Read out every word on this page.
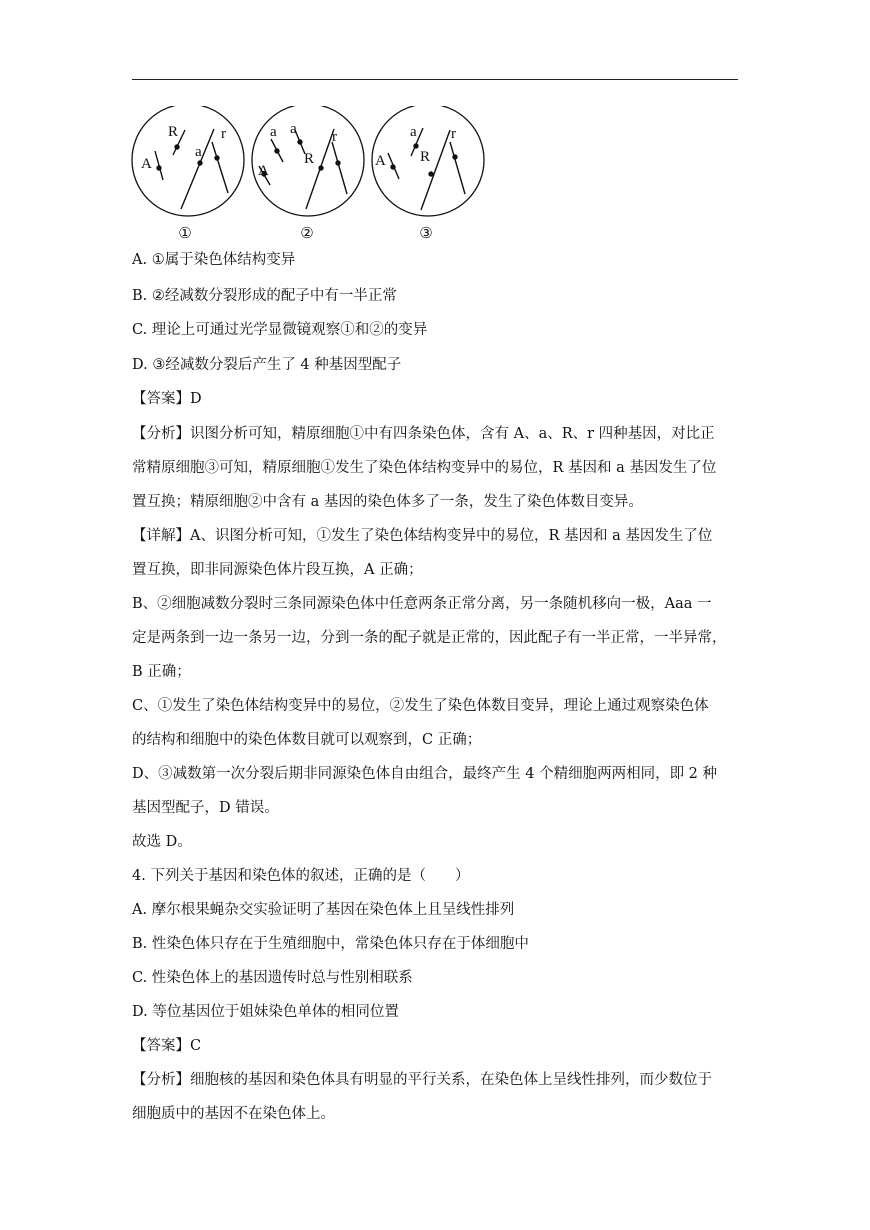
R
A
a
r	a a
R
A
r	a
A R
r
①	②	③
A. ①属于染色体结构变异
B. ②经减数分裂形成的配子中有一半正常
C. 理论上可通过光学显微镜观察①和②的变异
D. ③经减数分裂后产生了 4 种基因型配子
【答案】D
【分析】识图分析可知，精原细胞①中有四条染色体，含有 A、a、R、r 四种基因，对比正
常精原细胞③可知，精原细胞①发生了染色体结构变异中的易位，R 基因和 a 基因发生了位
置互换；精原细胞②中含有 a 基因的染色体多了一条，发生了染色体数目变异。
【详解】A、识图分析可知，①发生了染色体结构变异中的易位，R 基因和 a 基因发生了位
置互换，即非同源染色体片段互换，A 正确；
B、②细胞减数分裂时三条同源染色体中任意两条正常分离，另一条随机移向一极，Aaa 一
定是两条到一边一条另一边，分到一条的配子就是正常的，因此配子有一半正常，一半异常，
B 正确；
C、①发生了染色体结构变异中的易位，②发生了染色体数目变异，理论上通过观察染色体
的结构和细胞中的染色体数目就可以观察到，C 正确；
D、③减数第一次分裂后期非同源染色体自由组合，最终产生 4 个精细胞两两相同，即 2 种
基因型配子，D 错误。
故选 D。
4. 下列关于基因和染色体的叙述，正确的是（　　）
A. 摩尔根果蝇杂交实验证明了基因在染色体上且呈线性排列
B. 性染色体只存在于生殖细胞中，常染色体只存在于体细胞中
C. 性染色体上的基因遗传时总与性别相联系
D. 等位基因位于姐妹染色单体的相同位置
【答案】C
【分析】细胞核的基因和染色体具有明显的平行关系，在染色体上呈线性排列，而少数位于
细胞质中的基因不在染色体上。
